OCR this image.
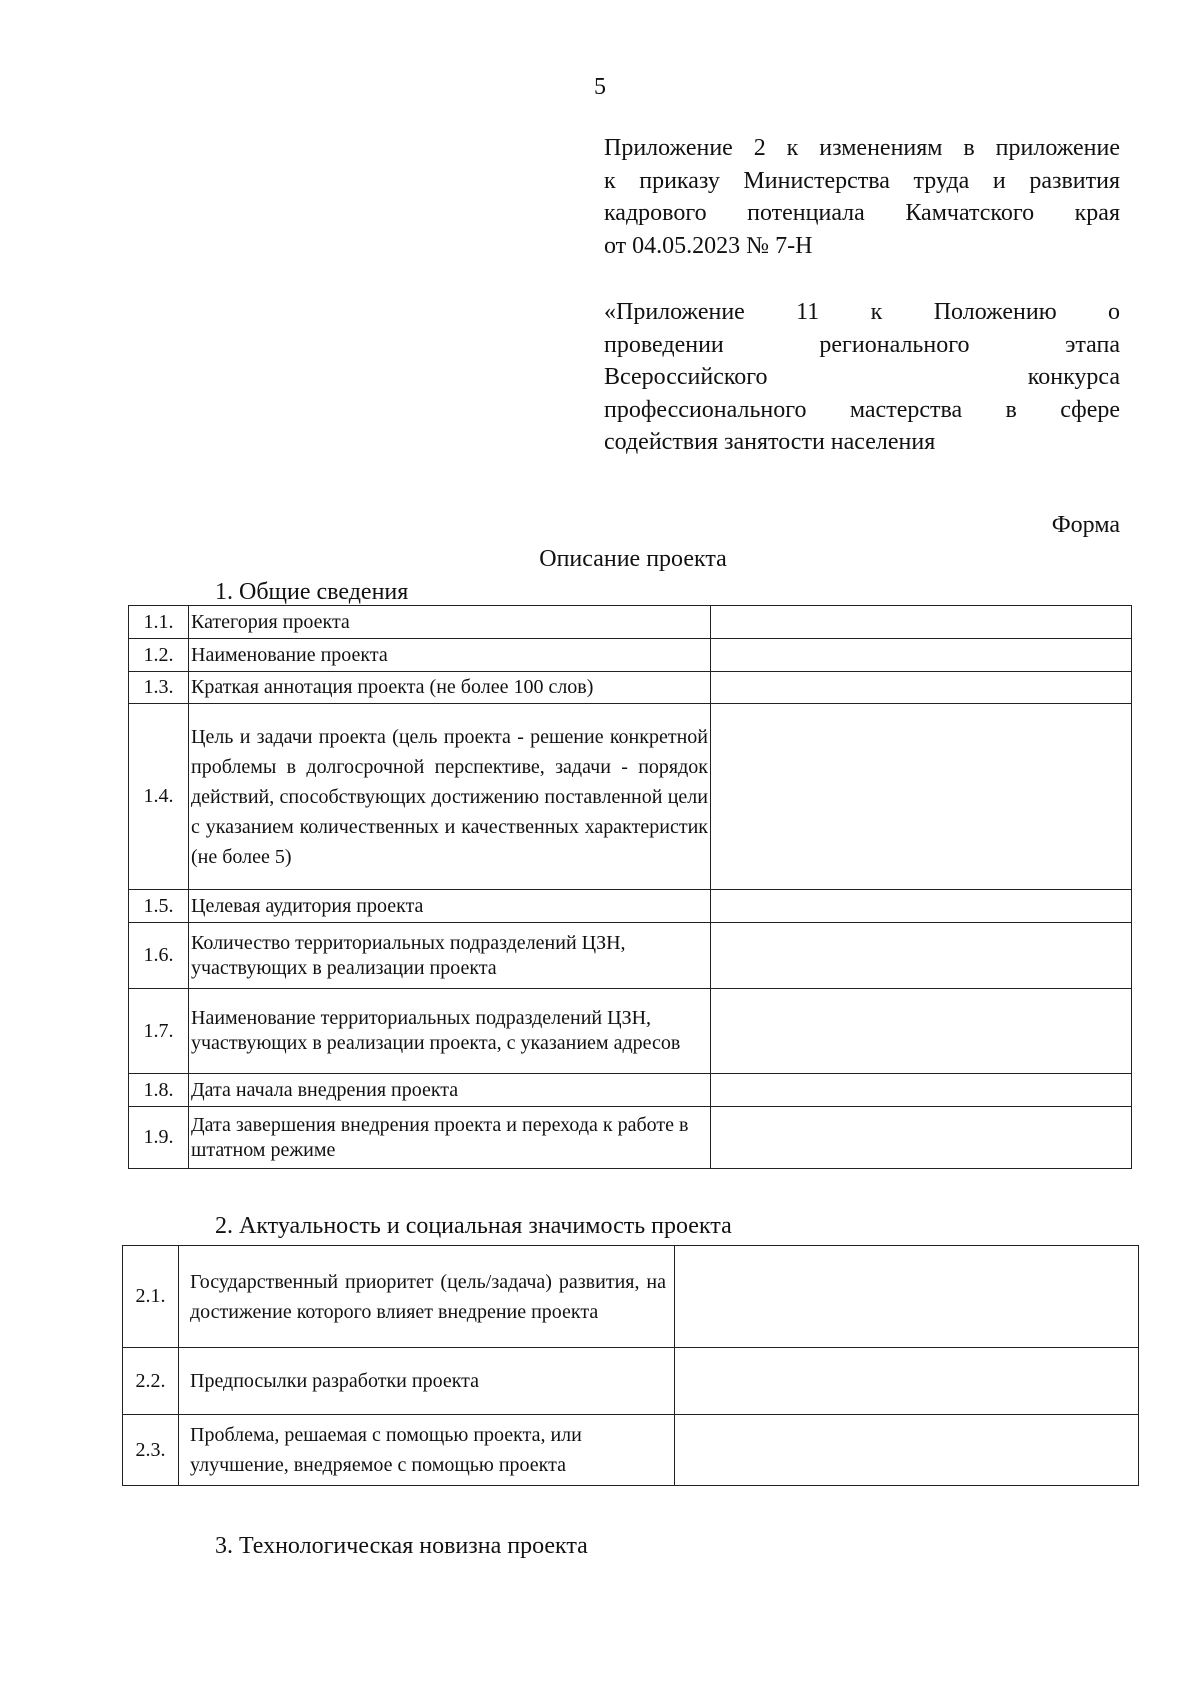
5
Приложение 2 к изменениям в приложение
к приказу Министерства труда и развития
кадрового потенциала Камчатского края
от 04.05.2023 № 7-Н
«Приложение 11 к Положению о
проведении регионального этапа
Всероссийского конкурса
профессионального мастерства в сфере
содействия занятости населения
Форма
Описание проекта
1. Общие сведения
1.1.	Категория проекта	
1.2.	Наименование проекта	
1.3.	Краткая аннотация проекта (не более 100 слов)	
1.4.	Цель и задачи проекта (цель проекта - решение конкретной проблемы в долгосрочной перспективе, задачи - порядок действий, способствующих достижению поставленной цели с указанием количественных и качественных характеристик (не более 5)	
1.5.	Целевая аудитория проекта	
1.6.	Количество территориальных подразделений ЦЗН, участвующих в реализации проекта	
1.7.	Наименование территориальных подразделений ЦЗН, участвующих в реализации проекта, с указанием адресов	
1.8.	Дата начала внедрения проекта	
1.9.	Дата завершения внедрения проекта и перехода к работе в штатном режиме	
2. Актуальность и социальная значимость проекта
2.1.	Государственный приоритет (цель/задача) развития, на достижение которого влияет внедрение проекта	
2.2.	Предпосылки разработки проекта	
2.3.	Проблема, решаемая с помощью проекта, или улучшение, внедряемое с помощью проекта	
3. Технологическая новизна проекта
